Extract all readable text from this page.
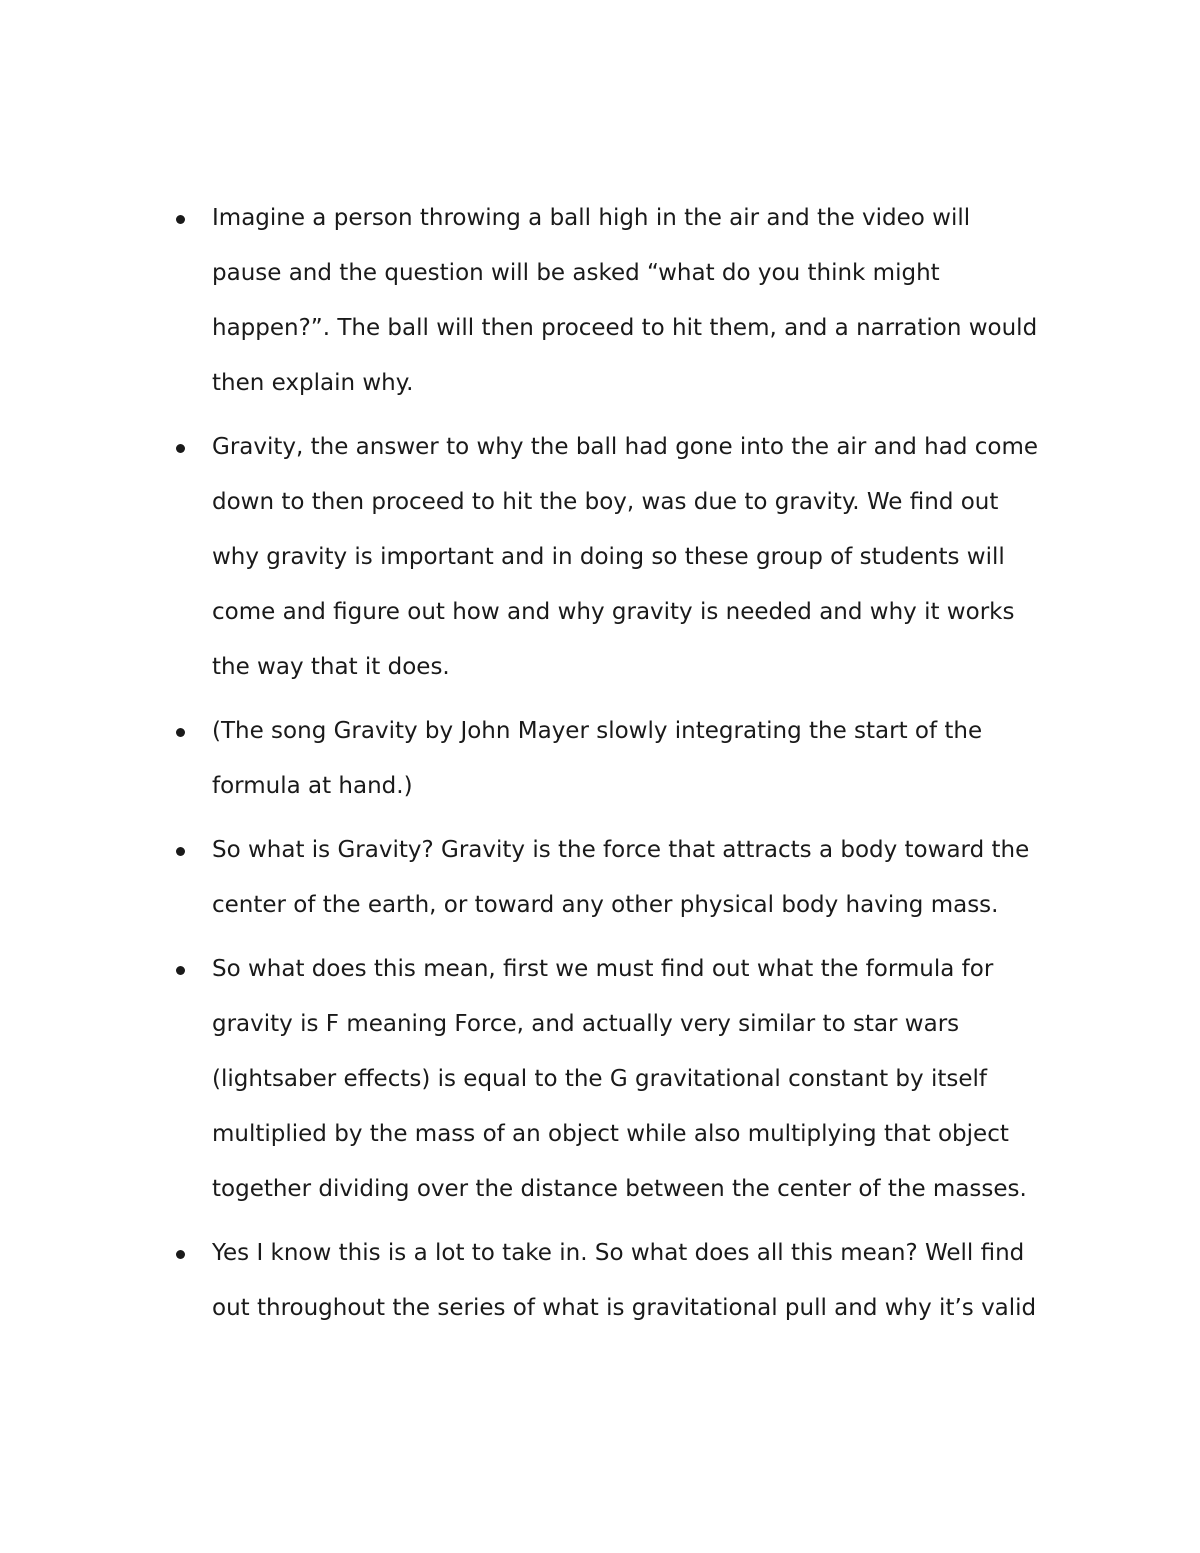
Imagine a person throwing a ball high in the air and the video will
pause and the question will be asked “what do you think might
happen?”. The ball will then proceed to hit them, and a narration would
then explain why.
Gravity, the answer to why the ball had gone into the air and had come
down to then proceed to hit the boy, was due to gravity. We find out
why gravity is important and in doing so these group of students will
come and figure out how and why gravity is needed and why it works
the way that it does.
(The song Gravity by John Mayer slowly integrating the start of the
formula at hand.)
So what is Gravity? Gravity is the force that attracts a body toward the
center of the earth, or toward any other physical body having mass.
So what does this mean, first we must find out what the formula for
gravity is F meaning Force, and actually very similar to star wars
(lightsaber effects) is equal to the G gravitational constant by itself
multiplied by the mass of an object while also multiplying that object
together dividing over the distance between the center of the masses.
Yes I know this is a lot to take in. So what does all this mean? Well find
out throughout the series of what is gravitational pull and why it’s valid
